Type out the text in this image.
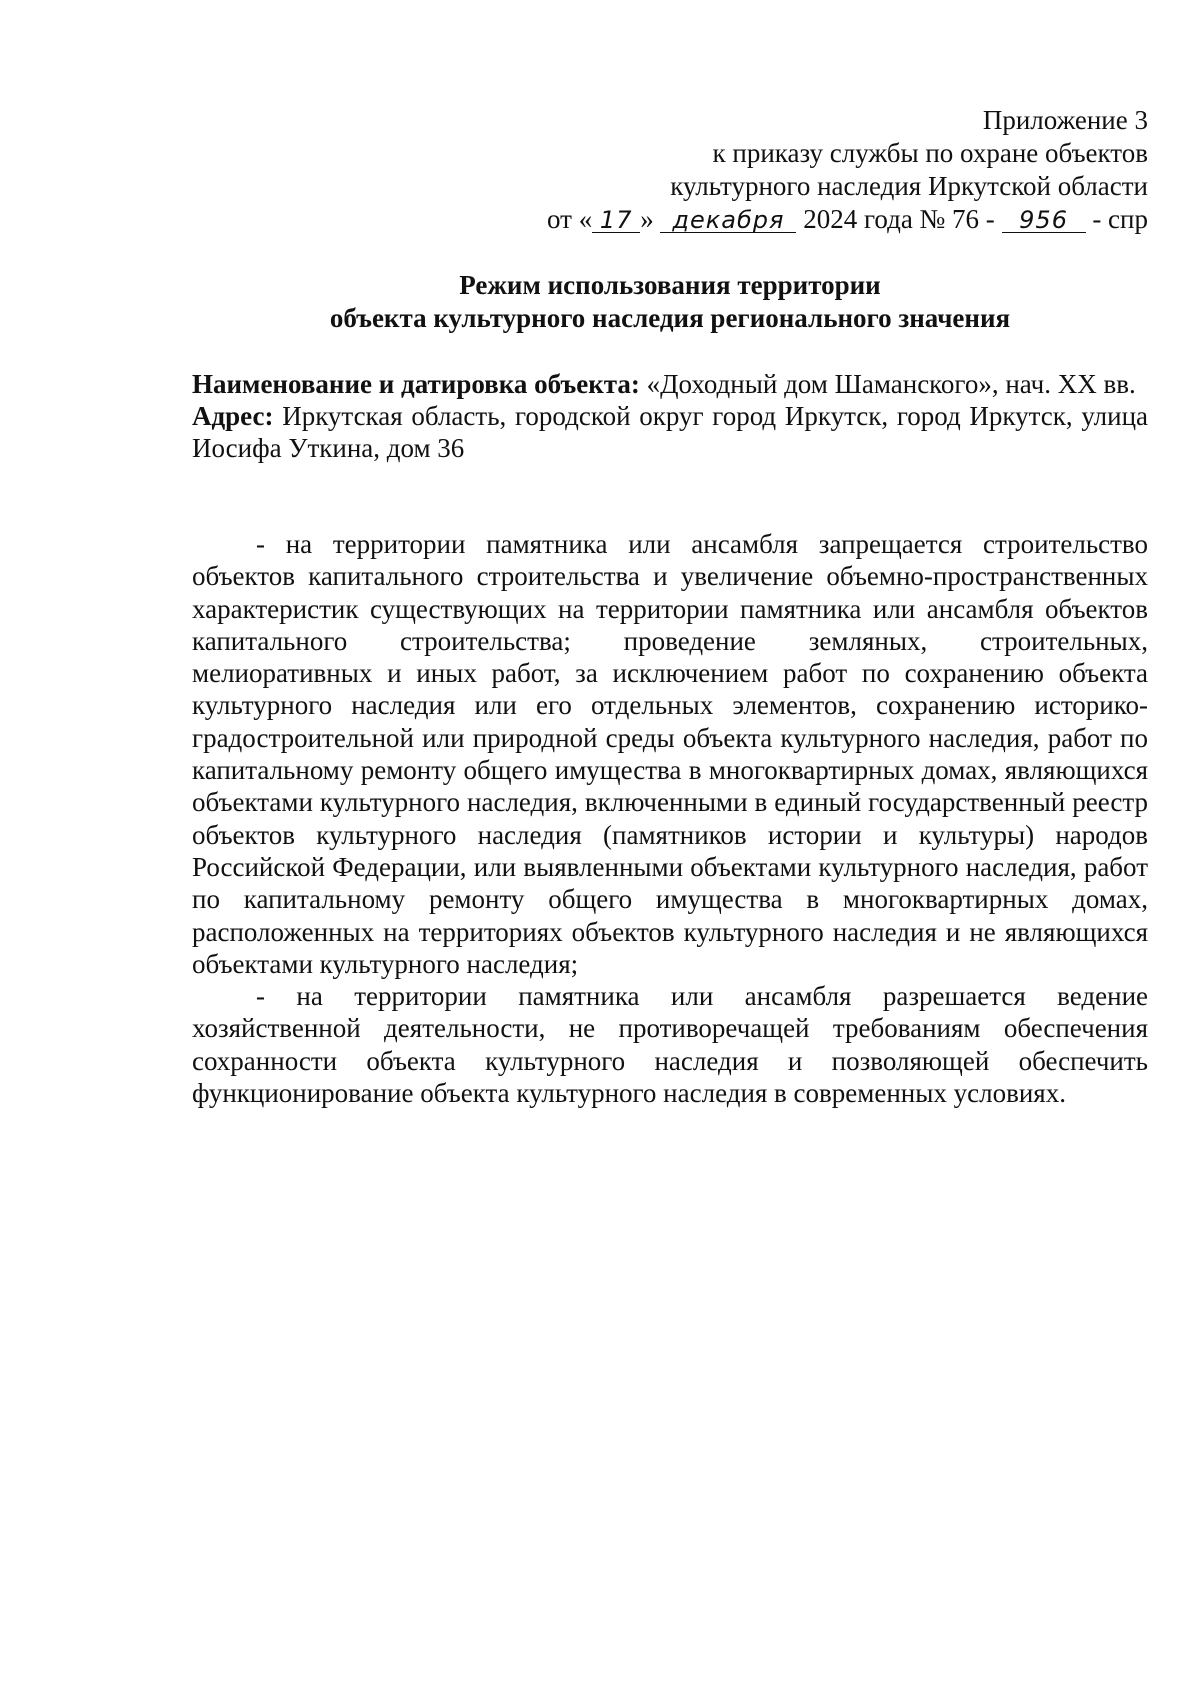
Приложение 3
к приказу службы по охране объектов
культурного наследия Иркутской области
от « 17 » декабря 2024 года № 76 - 956 - спр
Режим использования территории
объекта культурного наследия регионального значения

Наименование и датировка объекта: «Доходный дом Шаманского», нач. XX вв.

Адрес: Иркутская область, городской округ город Иркутск, город Иркутск, улица Иосифа Уткина, дом 36

- на территории памятника или ансамбля запрещается строительство объектов капитального строительства и увеличение объемно-пространственных характеристик существующих на территории памятника или ансамбля объектов капитального строительства; проведение земляных, строительных, мелиоративных и иных работ, за исключением работ по сохранению объекта культурного наследия или его отдельных элементов, сохранению историко-градостроительной или природной среды объекта культурного наследия, работ по капитальному ремонту общего имущества в многоквартирных домах, являющихся объектами культурного наследия, включенными в единый государственный реестр объектов культурного наследия (памятников истории и культуры) народов Российской Федерации, или выявленными объектами культурного наследия, работ по капитальному ремонту общего имущества в многоквартирных домах, расположенных на территориях объектов культурного наследия и не являющихся объектами культурного наследия;

- на территории памятника или ансамбля разрешается ведение хозяйственной деятельности, не противоречащей требованиям обеспечения сохранности объекта культурного наследия и позволяющей обеспечить функционирование объекта культурного наследия в современных условиях.
